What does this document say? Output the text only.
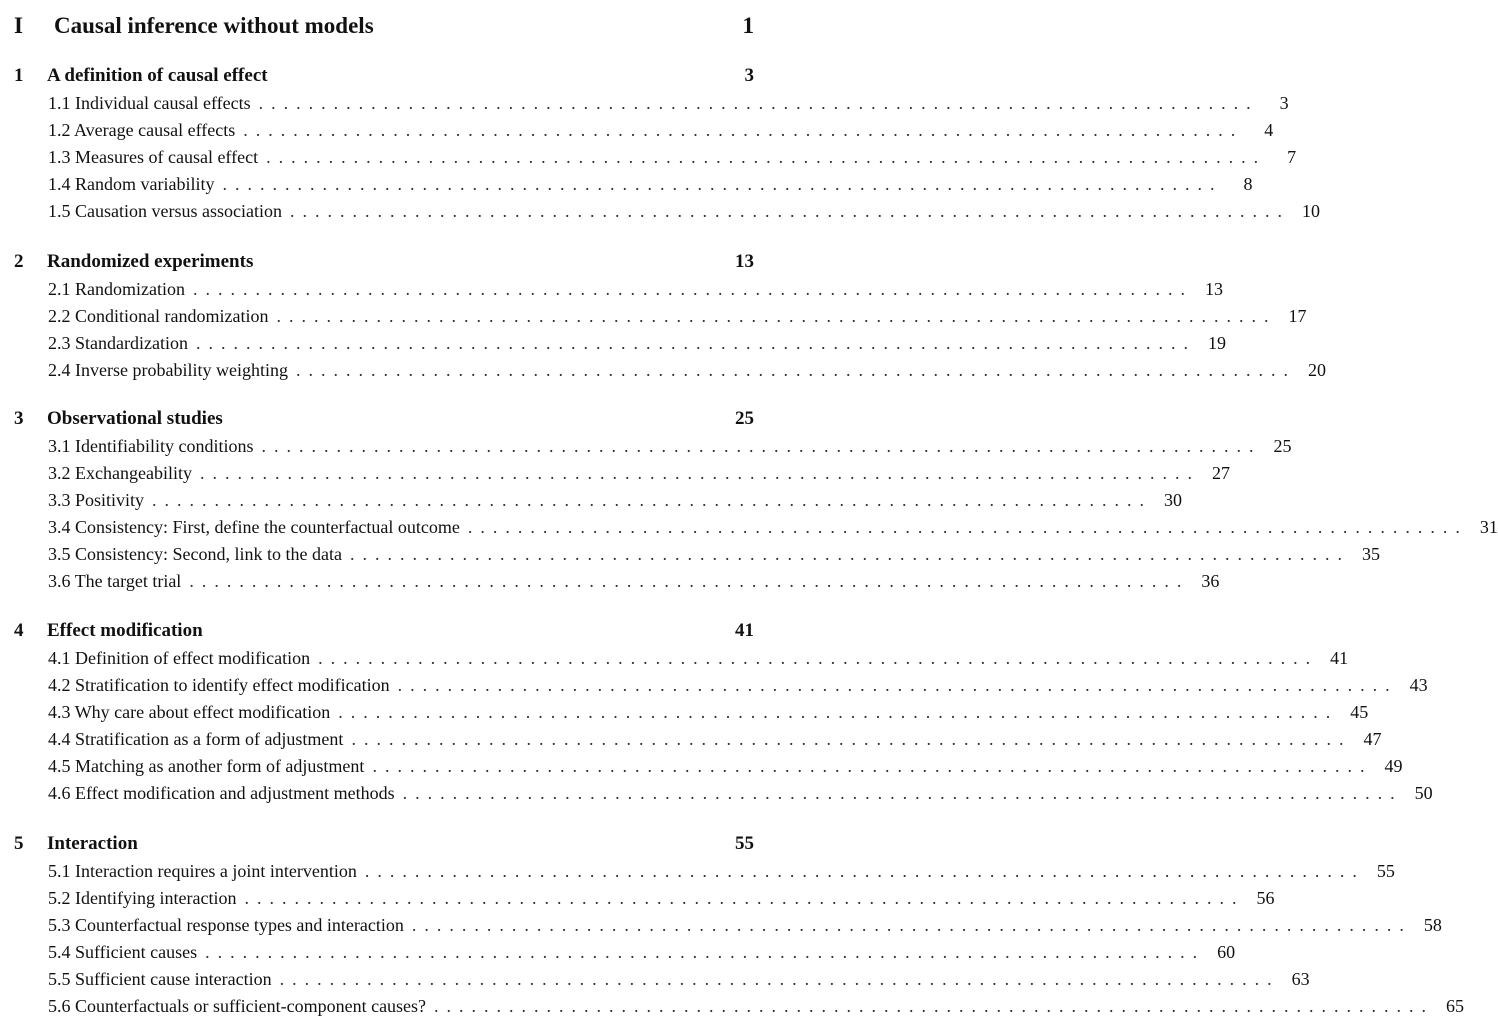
I	Causal inference without models	1
1	A definition of causal effect	3
1.1 Individual causal effects ................................................................................	3
1.2 Average causal effects ................................................................................	4
1.3 Measures of causal effect ................................................................................	7
1.4 Random variability ................................................................................	8
1.5 Causation versus association ................................................................................ 10
2	Randomized experiments	13
2.1 Randomization ................................................................................ 13
2.2 Conditional randomization ................................................................................ 17
2.3 Standardization ................................................................................ 19
2.4 Inverse probability weighting ................................................................................ 20
3	Observational studies	25
3.1 Identifiability conditions ................................................................................ 25
3.2 Exchangeability ................................................................................ 27
3.3 Positivity ................................................................................ 30
3.4 Consistency: First, define the counterfactual outcome ................................................................................ 31
3.5 Consistency: Second, link to the data ................................................................................ 35
3.6 The target trial ................................................................................ 36
4	Effect modification	41
4.1 Definition of effect modification ................................................................................ 41
4.2 Stratification to identify effect modification ................................................................................ 43
4.3 Why care about effect modification ................................................................................ 45
4.4 Stratification as a form of adjustment ................................................................................ 47
4.5 Matching as another form of adjustment ................................................................................ 49
4.6 Effect modification and adjustment methods ................................................................................ 50
5	Interaction	55
5.1 Interaction requires a joint intervention ................................................................................ 55
5.2 Identifying interaction ................................................................................ 56
5.3 Counterfactual response types and interaction ................................................................................ 58
5.4 Sufficient causes ................................................................................ 60
5.5 Sufficient cause interaction ................................................................................ 63
5.6 Counterfactuals or sufficient-component causes? ................................................................................ 65
